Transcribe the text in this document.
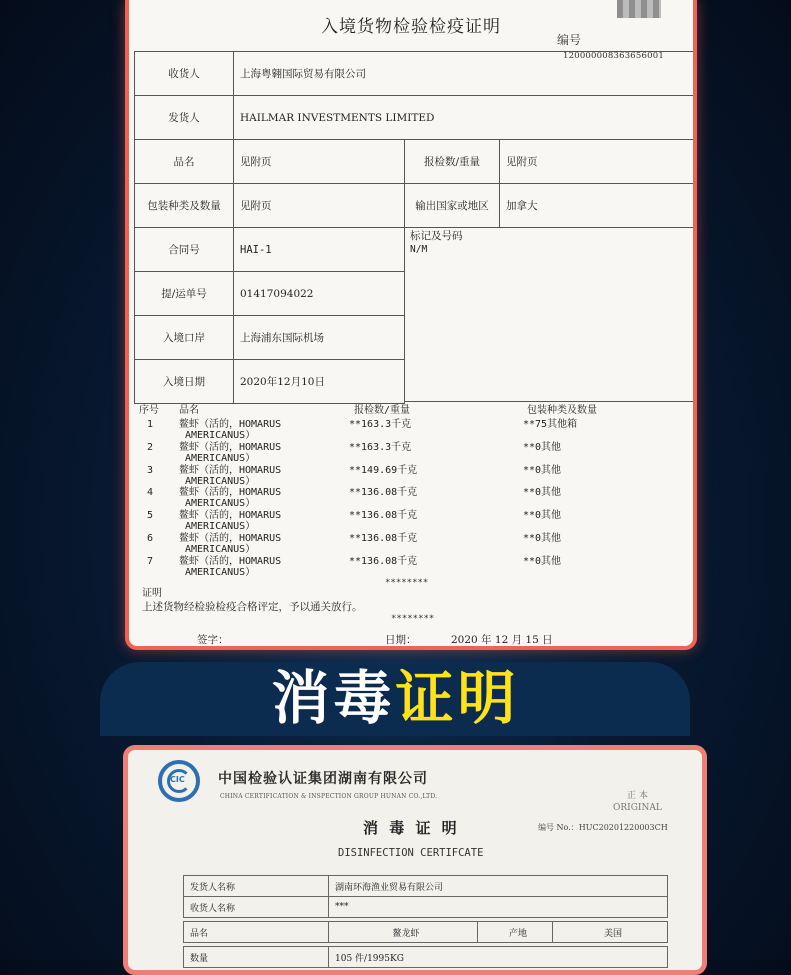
入境货物检验检疫证明
编号 120000008363656001
收货人	上海粤翱国际贸易有限公司
发货人	HAILMAR INVESTMENTS LIMITED
品名	见附页	报检数/重量	见附页
包装种类及数量	见附页	输出国家或地区	加拿大
合同号	HAI-1
标记及号码
N/M
提/运单号	01417094022
入境口岸	上海浦东国际机场
入境日期	2020年12月10日
序号 品名	报检数/重量	包装种类及数量
1	鳌虾（活的，HOMARUS
AMERICANUS）
**163.3千克	**75其他箱
2	鳌虾（活的，HOMARUS
AMERICANUS）
**163.3千克	**0其他
3	鳌虾（活的，HOMARUS
AMERICANUS）
**149.69千克	**0其他
4	鳌虾（活的，HOMARUS
AMERICANUS）
**136.08千克	**0其他
5	鳌虾（活的，HOMARUS
AMERICANUS）
**136.08千克	**0其他
6	鳌虾（活的，HOMARUS
AMERICANUS）
**136.08千克	**0其他
7	鳌虾（活的，HOMARUS
AMERICANUS）
**136.08千克	**0其他
********
证明
上述货物经检验检疫合格评定，予以通关放行。
********
签字：	日期：	2020 年 12 月 15 日
消毒证明
CIC 中国检验认证集团湖南有限公司
CHINA CERTIFICATION & INSPECTION GROUP HUNAN CO.,LTD.	正 本
ORIGINAL
消 毒 证 明	编号 No.：HUC20201220003CH
DISINFECTION CERTIFCATE
发货人名称	湖南环海渔业贸易有限公司
收货人名称	***
品名	鳌龙虾	产地	美国
数量	105 件/1995KG
